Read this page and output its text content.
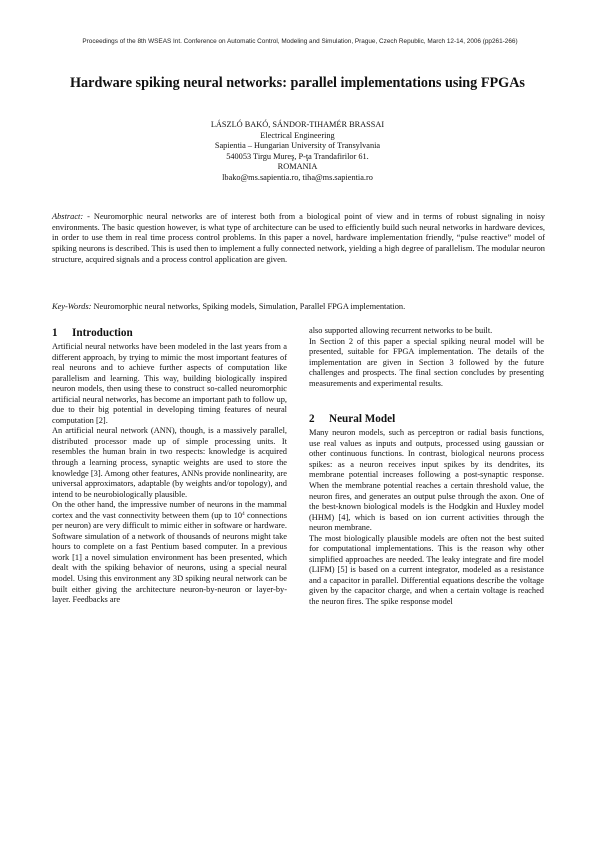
Proceedings of the 8th WSEAS Int. Conference on Automatic Control, Modeling and Simulation, Prague, Czech Republic, March 12-14, 2006 (pp261-266)
Hardware spiking neural networks: parallel implementations using FPGAs
LÁSZLÓ BAKÓ, SÁNDOR-TIHAMÉR BRASSAI
Electrical Engineering
Sapientia – Hungarian University of Transylvania
540053 Tirgu Mureş, P-ţa Trandafirilor 61.
ROMANIA
lbako@ms.sapientia.ro, tiha@ms.sapientia.ro
Abstract: - Neuromorphic neural networks are of interest both from a biological point of view and in terms of robust signaling in noisy environments. The basic question however, is what type of architecture can be used to efficiently build such neural networks in hardware devices, in order to use them in real time process control problems. In this paper a novel, hardware implementation friendly, “pulse reactive” model of spiking neurons is described. This is used then to implement a fully connected network, yielding a high degree of parallelism. The modular neuron structure, acquired signals and a process control application are given.
Key-Words: Neuromorphic neural networks, Spiking models, Simulation, Parallel FPGA implementation.
1 Introduction

Artificial neural networks have been modeled in the last years from a different approach, by trying to mimic the most important features of real neurons and to achieve further aspects of computation like parallelism and learning. This way, building biologically inspired neuron models, then using these to construct so-called neuromorphic artificial neural networks, has become an important path to follow up, due to their big potential in developing timing features of neural computation [2].

An artificial neural network (ANN), though, is a massively parallel, distributed processor made up of simple processing units. It resembles the human brain in two respects: knowledge is acquired through a learning process, synaptic weights are used to store the knowledge [3]. Among other features, ANNs provide nonlinearity, are universal approximators, adaptable (by weights and/or topology), and intend to be neurobiologically plausible.

On the other hand, the impressive number of neurons in the mammal cortex and the vast connectivity between them (up to $10^4$ connections per neuron) are very difficult to mimic either in software or hardware. Software simulation of a network of thousands of neurons might take hours to complete on a fast Pentium based computer. In a previous work [1] a novel simulation environment has been presented, which dealt with the spiking behavior of neurons, using a special neural model. Using this environment any 3D spiking neural network can be built either giving the architecture neuron-by-neuron or layer-by-layer. Feedbacks are

also supported allowing recurrent networks to be built.

In Section 2 of this paper a special spiking neural model will be presented, suitable for FPGA implementation. The details of the implementation are given in Section 3 followed by the future challenges and prospects. The final section concludes by presenting measurements and experimental results.

2 Neural Model

Many neuron models, such as perceptron or radial basis functions, use real values as inputs and outputs, processed using gaussian or other continuous functions. In contrast, biological neurons process spikes: as a neuron receives input spikes by its dendrites, its membrane potential increases following a post-synaptic response. When the membrane potential reaches a certain threshold value, the neuron fires, and generates an output pulse through the axon. One of the best-known biological models is the Hodgkin and Huxley model (HHM) [4], which is based on ion current activities through the neuron membrane.

The most biologically plausible models are often not the best suited for computational implementations. This is the reason why other simplified approaches are needed. The leaky integrate and fire model (LIFM) [5] is based on a current integrator, modeled as a resistance and a capacitor in parallel. Differential equations describe the voltage given by the capacitor charge, and when a certain voltage is reached the neuron fires. The spike response model
